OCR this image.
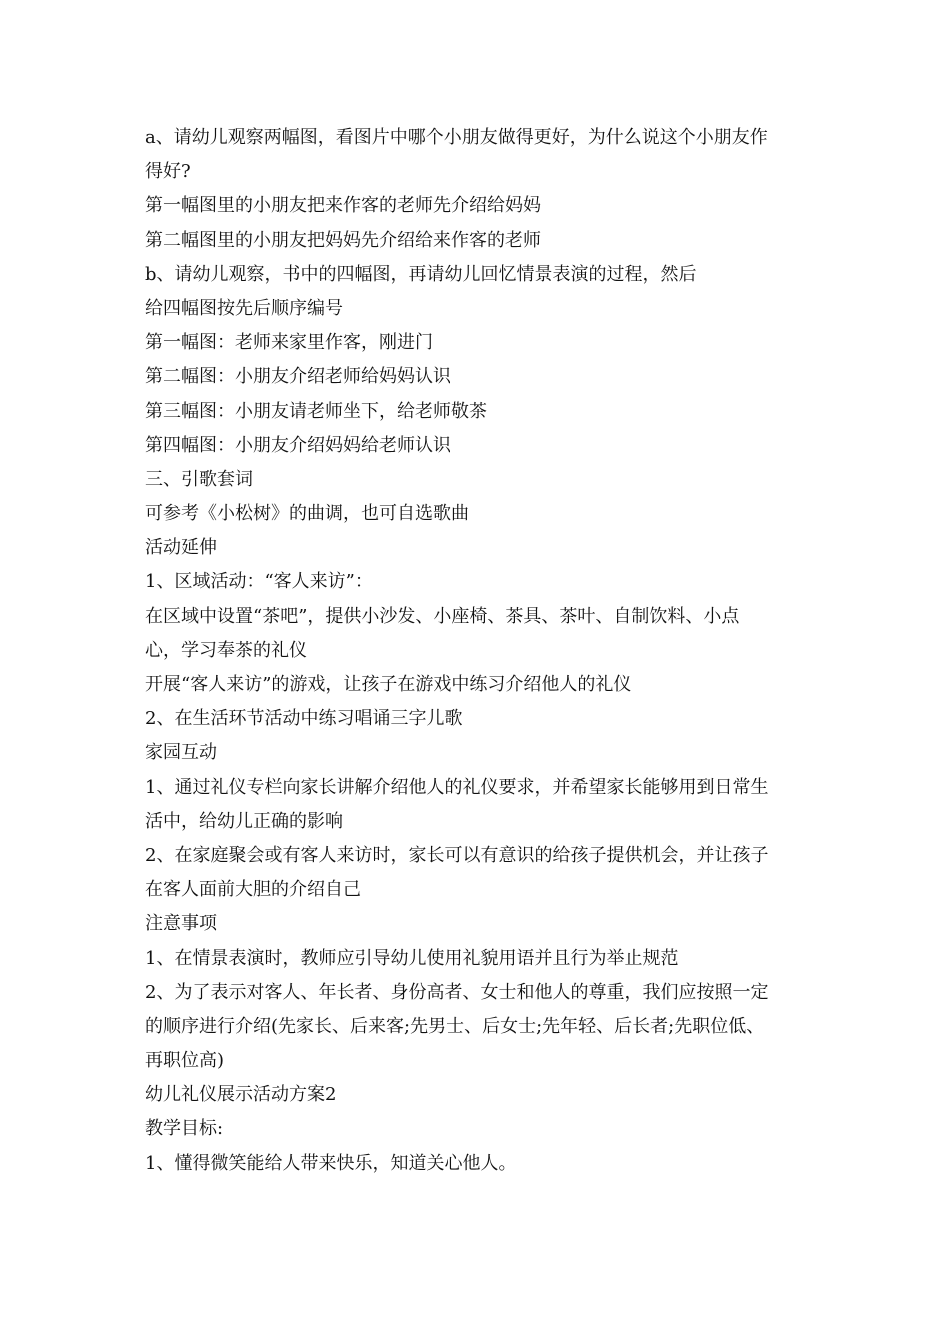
a、请幼儿观察两幅图，看图片中哪个小朋友做得更好，为什么说这个小朋友作
得好?
第一幅图里的小朋友把来作客的老师先介绍给妈妈
第二幅图里的小朋友把妈妈先介绍给来作客的老师
b、请幼儿观察，书中的四幅图，再请幼儿回忆情景表演的过程，然后
给四幅图按先后顺序编号
第一幅图：老师来家里作客，刚进门
第二幅图：小朋友介绍老师给妈妈认识
第三幅图：小朋友请老师坐下，给老师敬茶
第四幅图：小朋友介绍妈妈给老师认识
三、引歌套词
可参考《小松树》的曲调，也可自选歌曲
活动延伸
1、区域活动：“客人来访”：
在区域中设置“茶吧”，提供小沙发、小座椅、茶具、茶叶、自制饮料、小点
心，学习奉茶的礼仪
开展“客人来访”的游戏，让孩子在游戏中练习介绍他人的礼仪
2、在生活环节活动中练习唱诵三字儿歌
家园互动
1、通过礼仪专栏向家长讲解介绍他人的礼仪要求，并希望家长能够用到日常生
活中，给幼儿正确的影响
2、在家庭聚会或有客人来访时，家长可以有意识的给孩子提供机会，并让孩子
在客人面前大胆的介绍自己
注意事项
1、在情景表演时，教师应引导幼儿使用礼貌用语并且行为举止规范
2、为了表示对客人、年长者、身份高者、女士和他人的尊重，我们应按照一定
的顺序进行介绍(先家长、后来客;先男士、后女士;先年轻、后长者;先职位低、
再职位高)
幼儿礼仪展示活动方案2
教学目标:
1、懂得微笑能给人带来快乐，知道关心他人。
